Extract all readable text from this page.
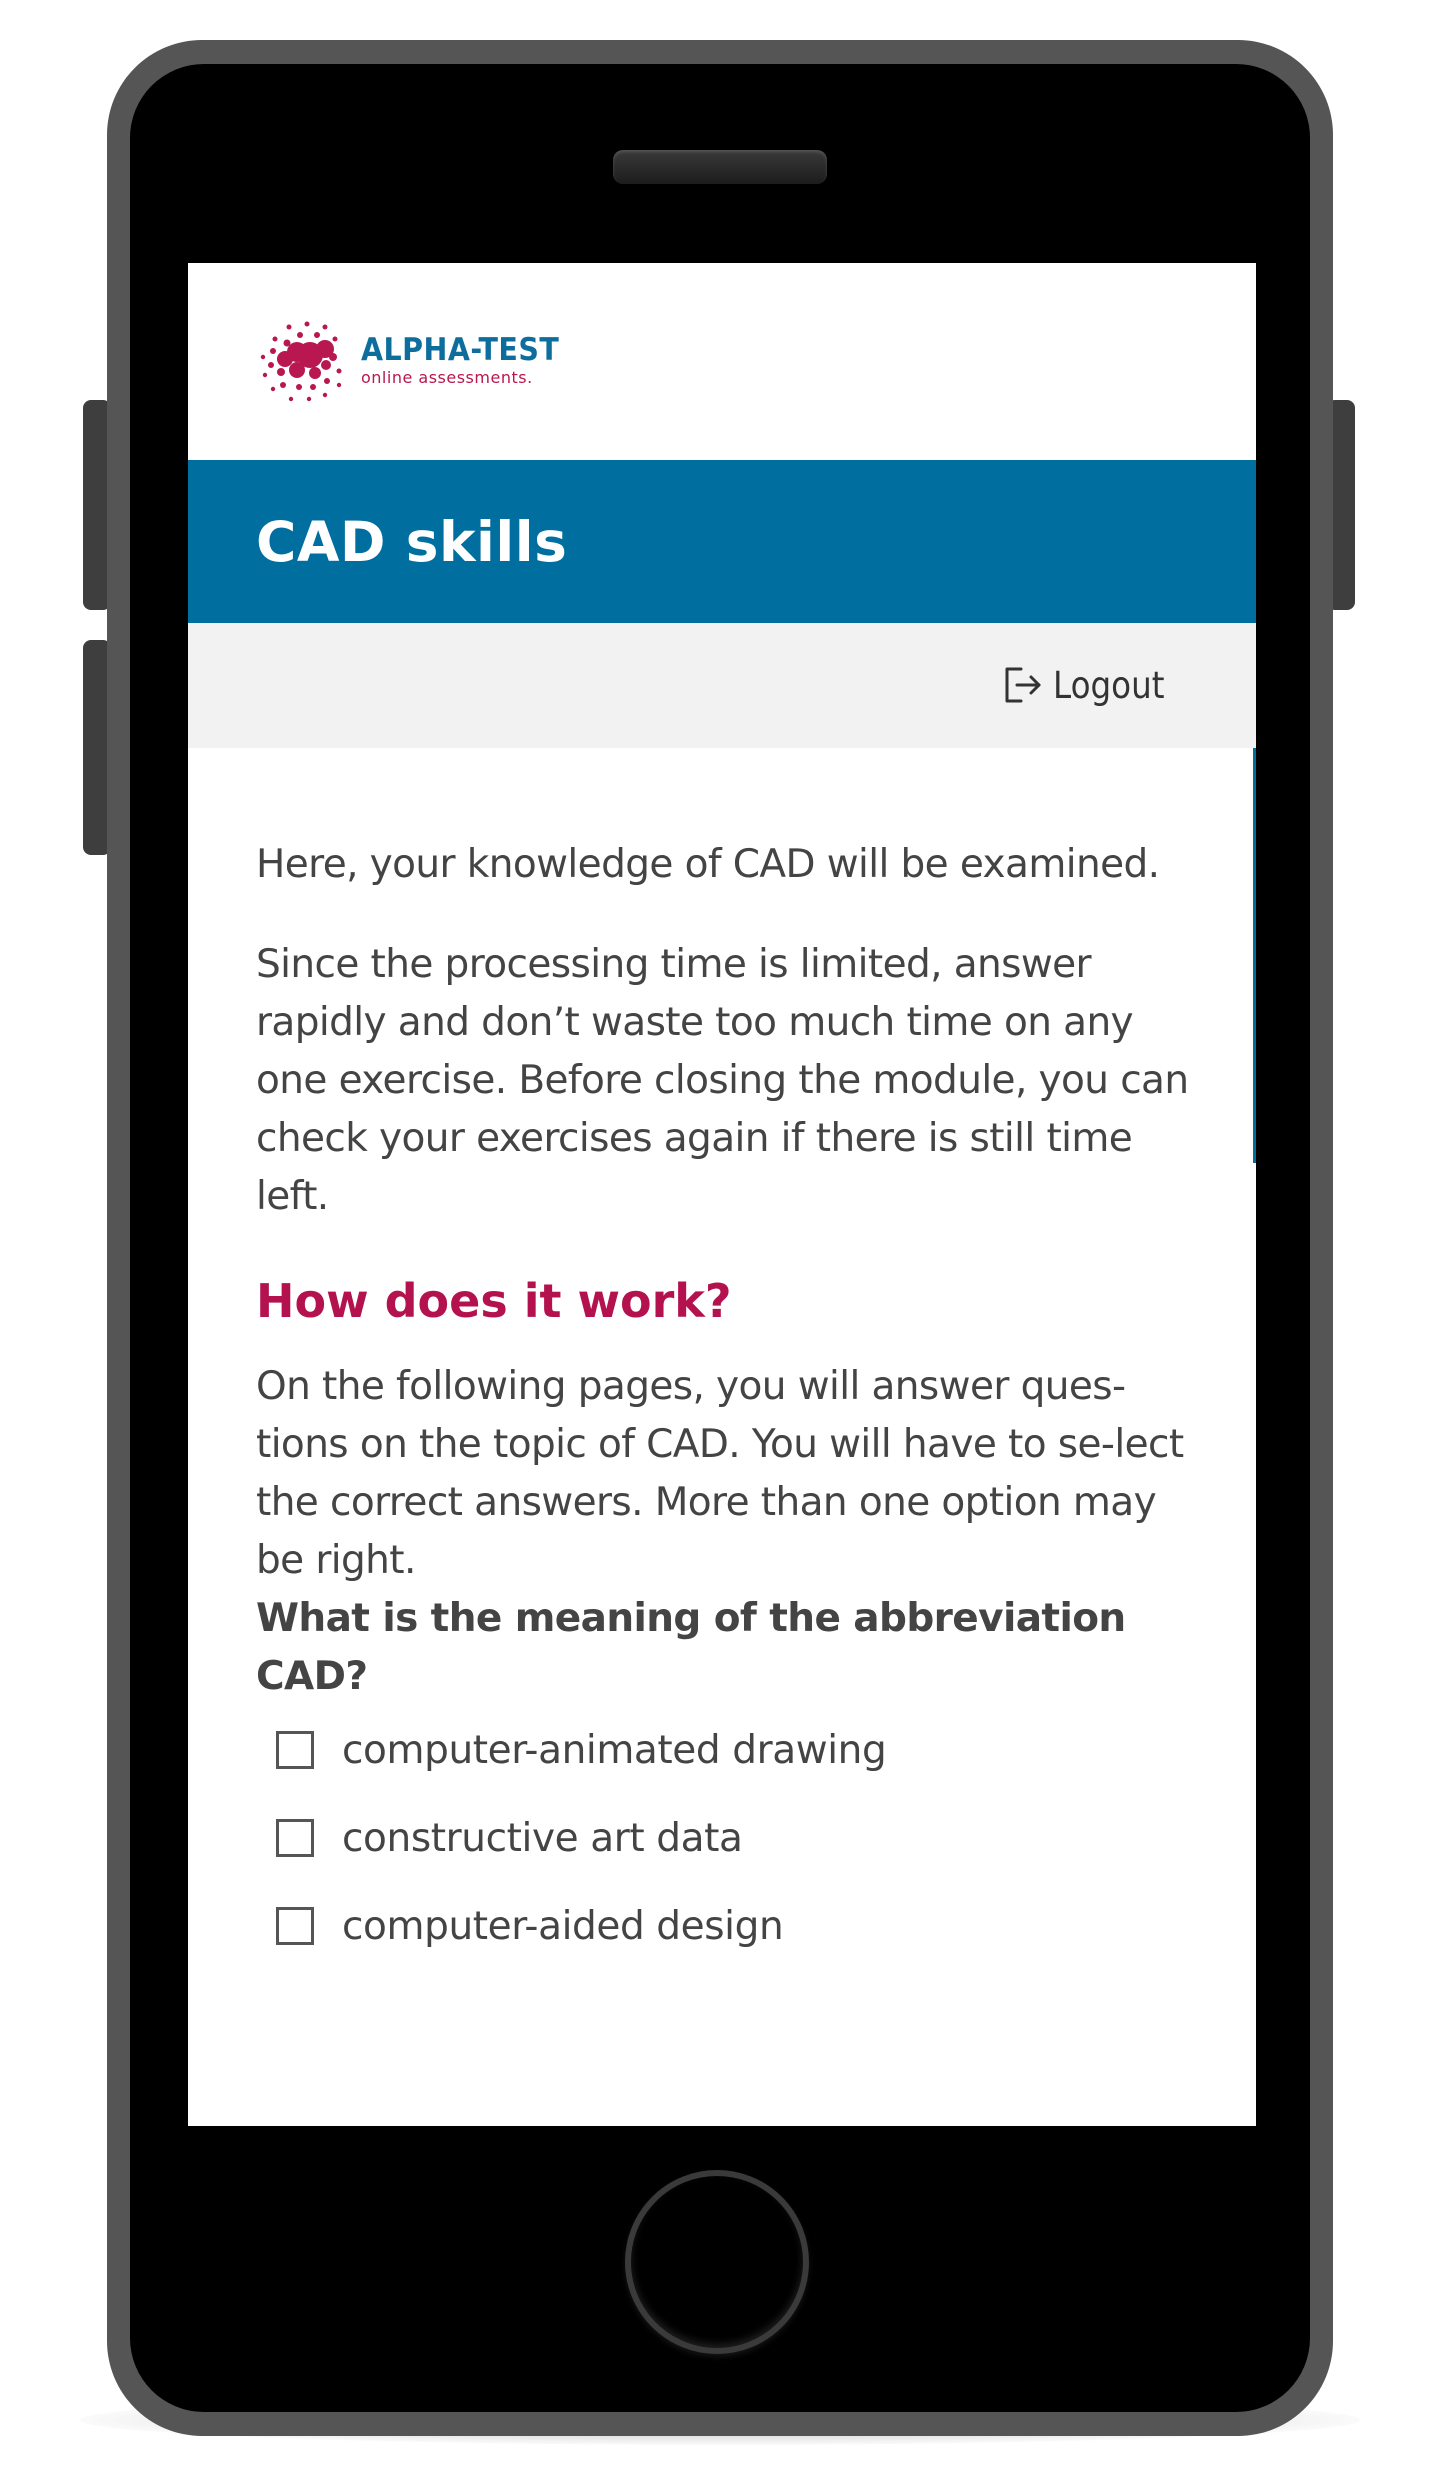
ALPHA-TEST
online assessments.
CAD skills
Logout

Here, your knowledge of CAD will be examined.

Since the processing time is limited, answer rapidly and don’t waste too much time on any one exercise. Before closing the module, you can check your exercises again if there is still time left.

How does it work?

On the following pages, you will answer ques-tions on the topic of CAD. You will have to se-lect the correct answers. More than one option may be right.

What is the meaning of the abbreviation CAD?

computer-animated drawing
constructive art data
computer-aided design
